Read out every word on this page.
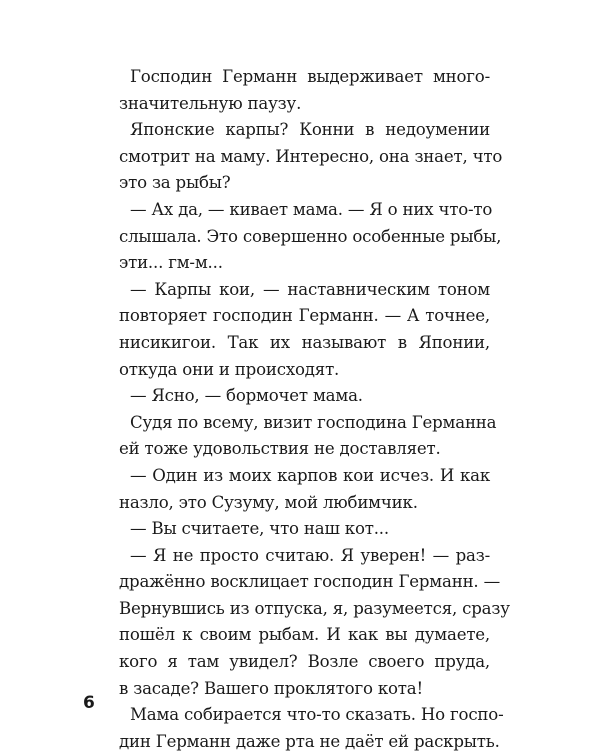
Господин Германн выдерживает много-
значительную паузу.

Японские карпы? Конни в недоумении
смотрит на маму. Интересно, она знает, что
это за рыбы?

— Ах да, — кивает мама. — Я о них что-то
слышала. Это совершенно особенные рыбы,
эти... гм-м...

— Карпы кои, — наставническим тоном
повторяет господин Германн. — А точнее,
нисикигои. Так их называют в Японии,
откуда они и происходят.

— Ясно, — бормочет мама.

Судя по всему, визит господина Германна
ей тоже удовольствия не доставляет.

— Один из моих карпов кои исчез. И как
назло, это Сузуму, мой любимчик.

— Вы считаете, что наш кот...

— Я не просто считаю. Я уверен! — раз-
дражённо восклицает господин Германн. —
Вернувшись из отпуска, я, разумеется, сразу
пошёл к своим рыбам. И как вы думаете,
кого я там увидел? Возле своего пруда,
в засаде? Вашего проклятого кота!

Мама собирается что-то сказать. Но госпо-
дин Германн даже рта не даёт ей раскрыть.

6
